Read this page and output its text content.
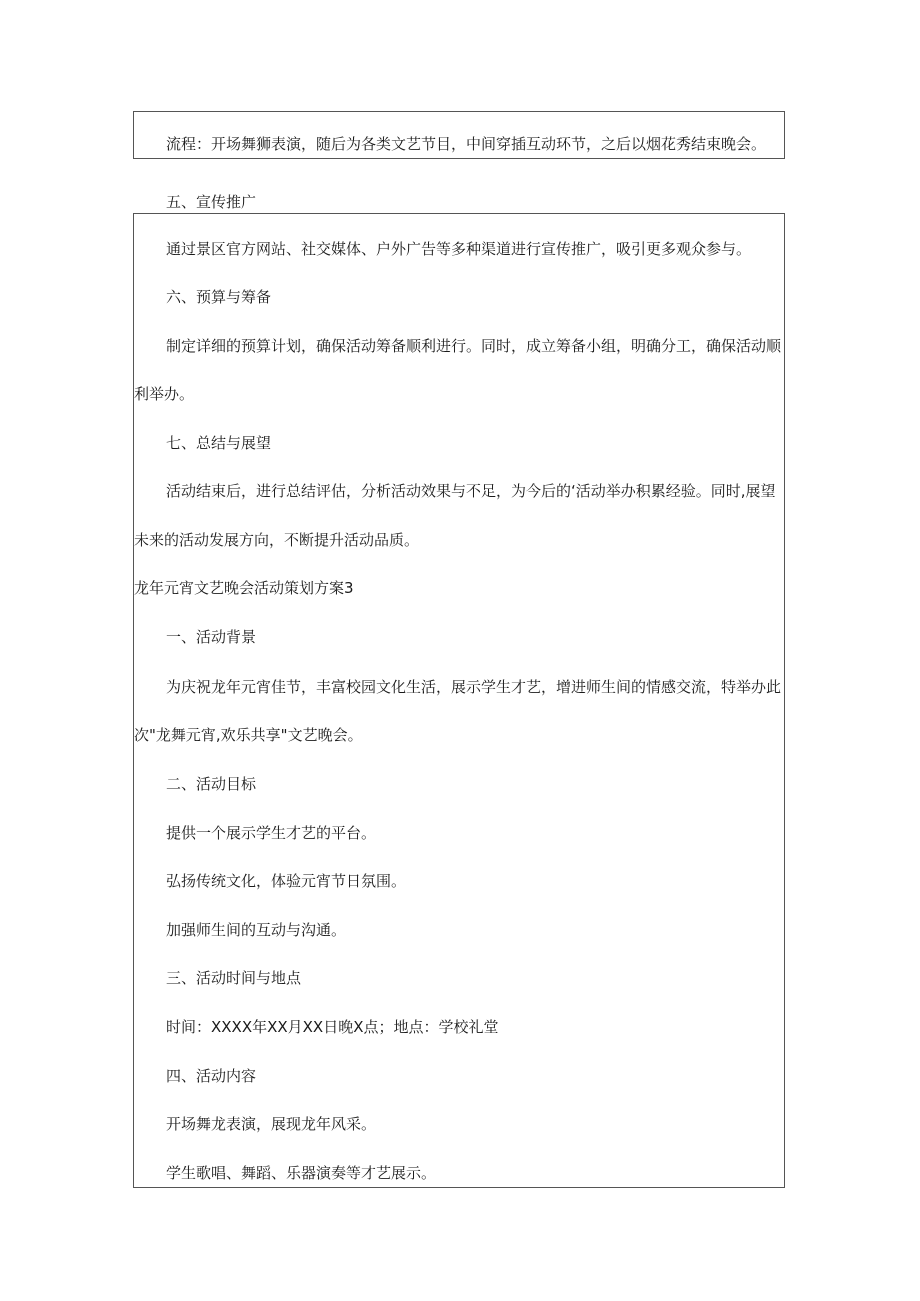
流程：开场舞狮表演，随后为各类文艺节目，中间穿插互动环节，之后以烟花秀结束晚会。

五、宣传推广

通过景区官方网站、社交媒体、户外广告等多种渠道进行宣传推广，吸引更多观众参与。

六、预算与筹备

制定详细的预算计划，确保活动筹备顺利进行。同时，成立筹备小组，明确分工，确保活动顺

利举办。

七、总结与展望

活动结束后，进行总结评估，分析活动效果与不足，为今后的‘活动举办积累经验。同时,展望

未来的活动发展方向，不断提升活动品质。

龙年元宵文艺晚会活动策划方案3

一、活动背景

为庆祝龙年元宵佳节，丰富校园文化生活，展示学生才艺，增进师生间的情感交流，特举办此

次"龙舞元宵,欢乐共享"文艺晚会。

二、活动目标

提供一个展示学生才艺的平台。

弘扬传统文化，体验元宵节日氛围。

加强师生间的互动与沟通。

三、活动时间与地点

时间：XXXX年XX月XX日晚X点；地点：学校礼堂

四、活动内容

开场舞龙表演，展现龙年风采。

学生歌唱、舞蹈、乐器演奏等才艺展示。
